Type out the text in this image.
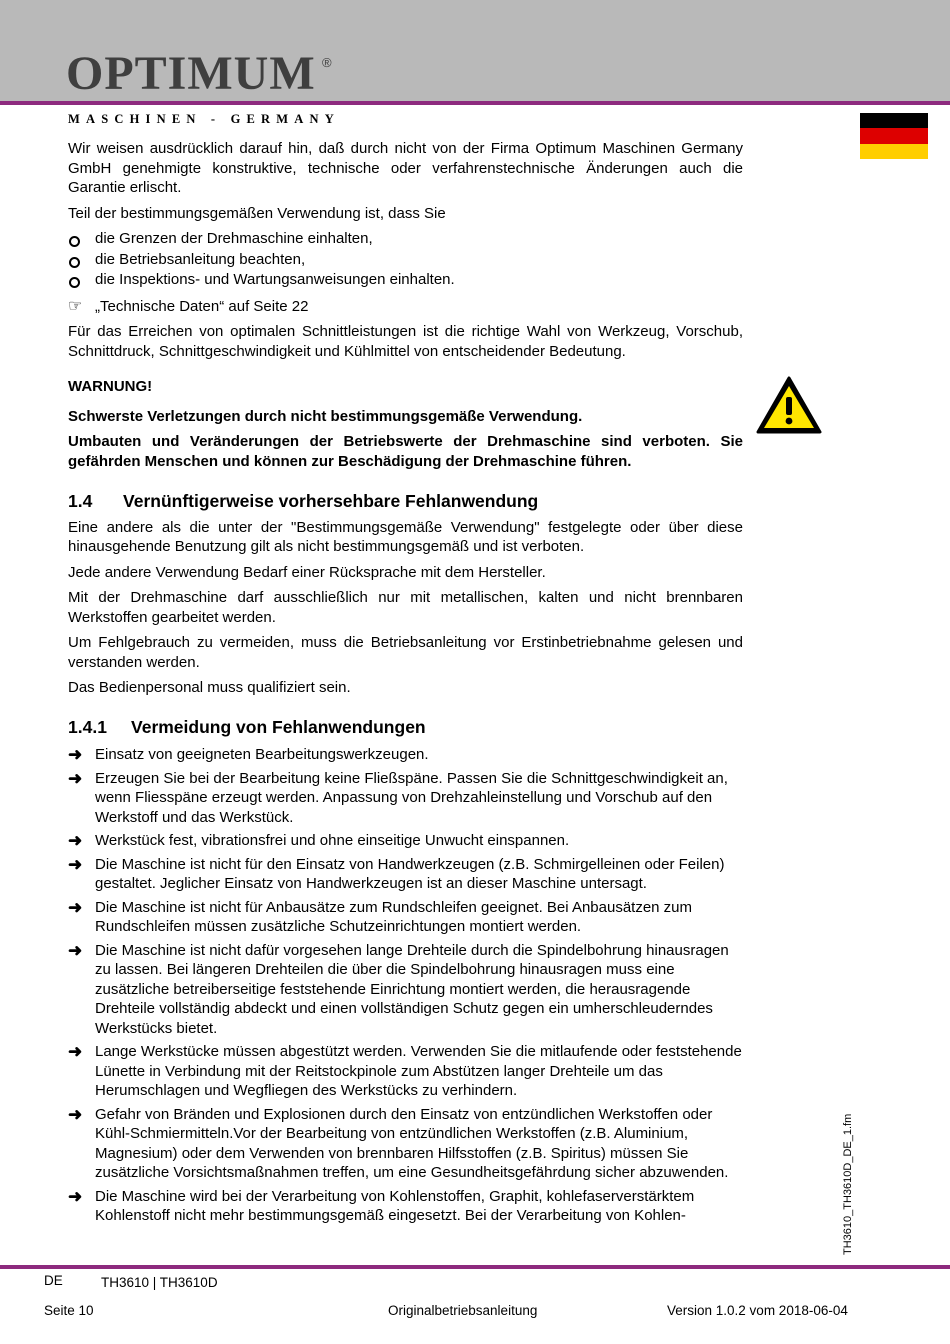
OPTIMUM ®
MASCHINEN - GERMANY

Wir weisen ausdrücklich darauf hin, daß durch nicht von der Firma Optimum Maschinen Germany GmbH genehmigte konstruktive, technische oder verfahrenstechnische Änderungen auch die Garantie erlischt.

Teil der bestimmungsgemäßen Verwendung ist, dass Sie

die Grenzen der Drehmaschine einhalten,
die Betriebsanleitung beachten,
die Inspektions- und Wartungsanweisungen einhalten.
☞ „Technische Daten“ auf Seite 22

Für das Erreichen von optimalen Schnittleistungen ist die richtige Wahl von Werkzeug, Vorschub, Schnittdruck, Schnittgeschwindigkeit und Kühlmittel von entscheidender Bedeutung.

WARNUNG!

Schwerste Verletzungen durch nicht bestimmungsgemäße Verwendung.

Umbauten und Veränderungen der Betriebswerte der Drehmaschine sind verboten. Sie gefährden Menschen und können zur Beschädigung der Drehmaschine führen.

1.4	Vernünftigerweise vorhersehbare Fehlanwendung

Eine andere als die unter der "Bestimmungsgemäße Verwendung" festgelegte oder über diese hinausgehende Benutzung gilt als nicht bestimmungsgemäß und ist verboten.

Jede andere Verwendung Bedarf einer Rücksprache mit dem Hersteller.

Mit der Drehmaschine darf ausschließlich nur mit metallischen, kalten und nicht brennbaren Werkstoffen gearbeitet werden.

Um Fehlgebrauch zu vermeiden, muss die Betriebsanleitung vor Erstinbetriebnahme gelesen und verstanden werden.

Das Bedienpersonal muss qualifiziert sein.

1.4.1	Vermeidung von Fehlanwendungen
➜ Einsatz von geeigneten Bearbeitungswerkzeugen.
➜ Erzeugen Sie bei der Bearbeitung keine Fließspäne. Passen Sie die Schnittgeschwindigkeit an, wenn Fliesspäne erzeugt werden. Anpassung von Drehzahleinstellung und Vorschub auf den Werkstoff und das Werkstück.
➜ Werkstück fest, vibrationsfrei und ohne einseitige Unwucht einspannen.
➜ Die Maschine ist nicht für den Einsatz von Handwerkzeugen (z.B. Schmirgelleinen oder Feilen) gestaltet. Jeglicher Einsatz von Handwerkzeugen ist an dieser Maschine untersagt.
➜ Die Maschine ist nicht für Anbausätze zum Rundschleifen geeignet. Bei Anbausätzen zum Rundschleifen müssen zusätzliche Schutzeinrichtungen montiert werden.
➜ Die Maschine ist nicht dafür vorgesehen lange Drehteile durch die Spindelbohrung hinausragen zu lassen. Bei längeren Drehteilen die über die Spindelbohrung hinausragen muss eine zusätzliche betreiberseitige feststehende Einrichtung montiert werden, die herausragende Drehteile vollständig abdeckt und einen vollständigen Schutz gegen ein umherschleuderndes Werkstücks bietet.
➜ Lange Werkstücke müssen abgestützt werden. Verwenden Sie die mitlaufende oder feststehende Lünette in Verbindung mit der Reitstockpinole zum Abstützen langer Drehteile um das Herumschlagen und Wegfliegen des Werkstücks zu verhindern.
➜ Gefahr von Bränden und Explosionen durch den Einsatz von entzündlichen Werkstoffen oder Kühl-Schmiermitteln.Vor der Bearbeitung von entzündlichen Werkstoffen (z.B. Aluminium, Magnesium) oder dem Verwenden von brennbaren Hilfsstoffen (z.B. Spiritus) müssen Sie zusätzliche Vorsichtsmaßnahmen treffen, um eine Gesundheitsgefährdung sicher abzuwenden.
➜ Die Maschine wird bei der Verarbeitung von Kohlenstoffen, Graphit, kohlefaserverstärktem Kohlenstoff nicht mehr bestimmungsgemäß eingesetzt. Bei der Verarbeitung von Kohlen-	TH3610_TH3610D_DE_1.fm
DE	TH3610 | TH3610D
Seite 10	Originalbetriebsanleitung	Version 1.0.2 vom 2018-06-04
